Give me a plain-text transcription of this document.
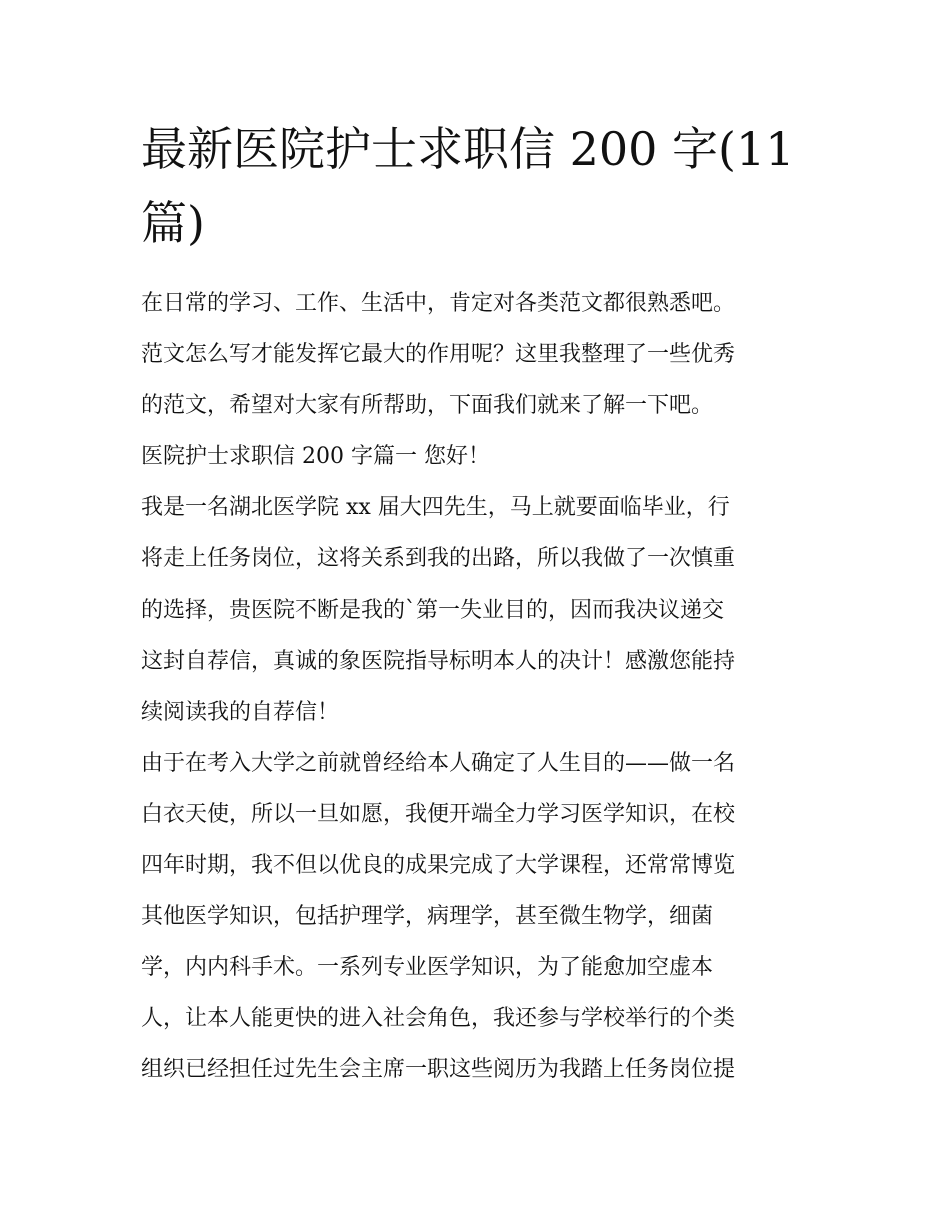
最新医院护士求职信 200 字(11
篇)
在日常的学习、工作、生活中，肯定对各类范文都很熟悉吧。
范文怎么写才能发挥它最大的作用呢？这里我整理了一些优秀
的范文，希望对大家有所帮助，下面我们就来了解一下吧。
医院护士求职信 200 字篇一 您好！
我是一名湖北医学院 xx 届大四先生，马上就要面临毕业，行
将走上任务岗位，这将关系到我的出路，所以我做了一次慎重
的选择，贵医院不断是我的`第一失业目的，因而我决议递交
这封自荐信，真诚的象医院指导标明本人的决计！感激您能持
续阅读我的自荐信！
由于在考入大学之前就曾经给本人确定了人生目的——做一名
白衣天使，所以一旦如愿，我便开端全力学习医学知识，在校
四年时期，我不但以优良的成果完成了大学课程，还常常博览
其他医学知识，包括护理学，病理学，甚至微生物学，细菌
学，内内科手术。一系列专业医学知识，为了能愈加空虚本
人，让本人能更快的进入社会角色，我还参与学校举行的个类
组织已经担任过先生会主席一职这些阅历为我踏上任务岗位提
